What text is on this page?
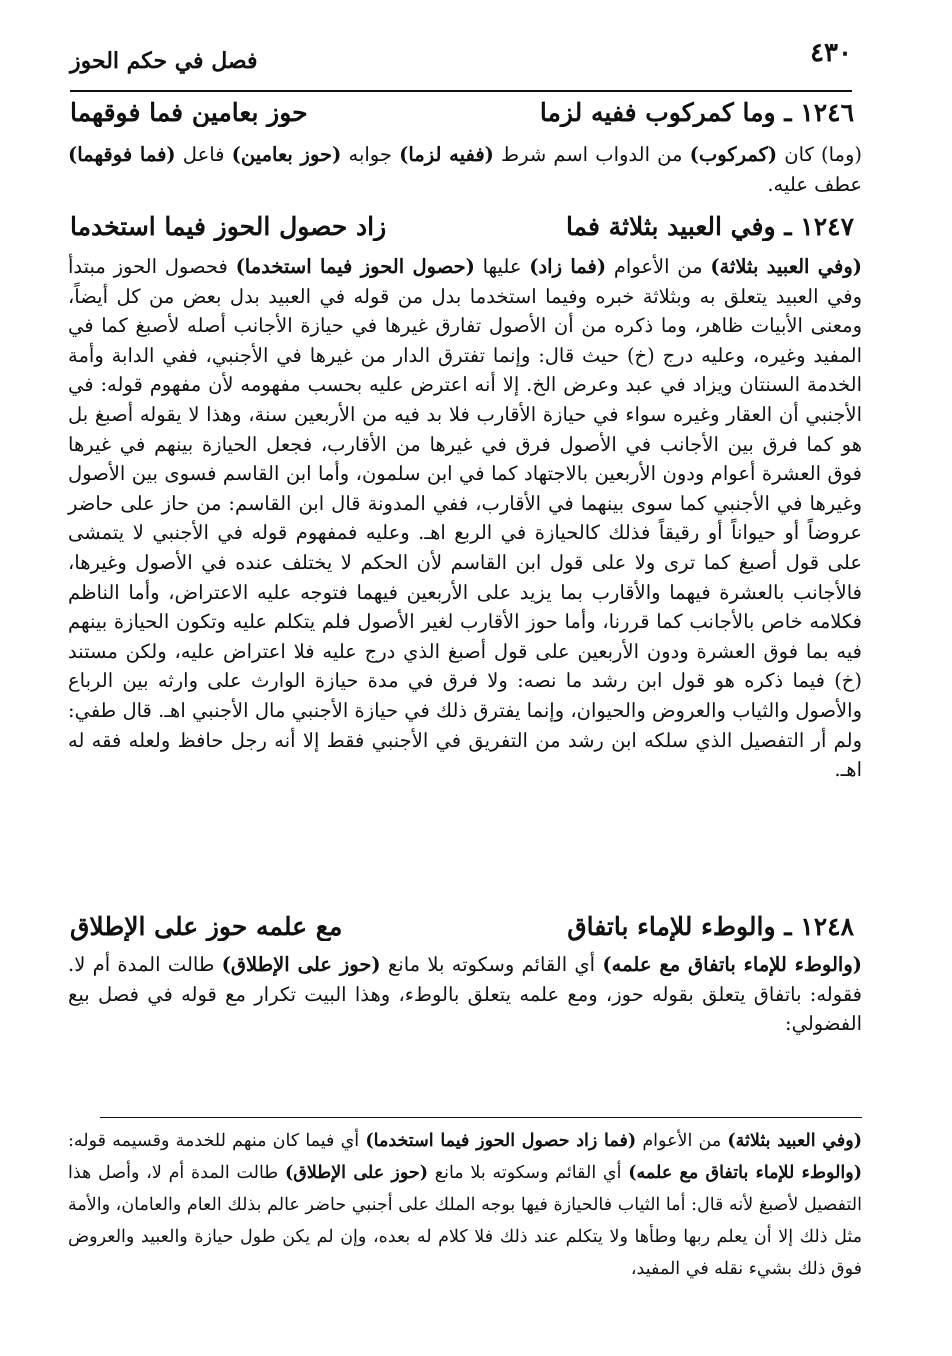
٤٣٠
فصل في حكم الحوز
١٢٤٦ ـ وما كمركوب ففيه لزما
حوز بعامين فما فوقهما

(وما) كان (كمركوب) من الدواب اسم شرط (ففيه لزما) جوابه (حوز بعامين) فاعل (فما فوقهما) عطف عليه.

١٢٤٧ ـ وفي العبيد بثلاثة فما
زاد حصول الحوز فيما استخدما

(وفي العبيد بثلاثة) من الأعوام (فما زاد) عليها (حصول الحوز فيما استخدما) فحصول الحوز مبتدأ وفي العبيد يتعلق به وبثلاثة خبره وفيما استخدما بدل من قوله في العبيد بدل بعض من كل أيضاً، ومعنى الأبيات ظاهر، وما ذكره من أن الأصول تفارق غيرها في حيازة الأجانب أصله لأصبغ كما في المفيد وغيره، وعليه درج (خ) حيث قال: وإنما تفترق الدار من غيرها في الأجنبي، ففي الدابة وأمة الخدمة السنتان ويزاد في عبد وعرض الخ. إلا أنه اعترض عليه بحسب مفهومه لأن مفهوم قوله: في الأجنبي أن العقار وغيره سواء في حيازة الأقارب فلا بد فيه من الأربعين سنة، وهذا لا يقوله أصبغ بل هو كما فرق بين الأجانب في الأصول فرق في غيرها من الأقارب، فجعل الحيازة بينهم في غيرها فوق العشرة أعوام ودون الأربعين بالاجتهاد كما في ابن سلمون، وأما ابن القاسم فسوى بين الأصول وغيرها في الأجنبي كما سوى بينهما في الأقارب، ففي المدونة قال ابن القاسم: من حاز على حاضر عروضاً أو حيواناً أو رقيقاً فذلك كالحيازة في الربع اهـ. وعليه فمفهوم قوله في الأجنبي لا يتمشى على قول أصبغ كما ترى ولا على قول ابن القاسم لأن الحكم لا يختلف عنده في الأصول وغيرها، فالأجانب بالعشرة فيهما والأقارب بما يزيد على الأربعين فيهما فتوجه عليه الاعتراض، وأما الناظم فكلامه خاص بالأجانب كما قررنا، وأما حوز الأقارب لغير الأصول فلم يتكلم عليه وتكون الحيازة بينهم فيه بما فوق العشرة ودون الأربعين على قول أصبغ الذي درج عليه فلا اعتراض عليه، ولكن مستند (خ) فيما ذكره هو قول ابن رشد ما نصه: ولا فرق في مدة حيازة الوارث على وارثه بين الرباع والأصول والثياب والعروض والحيوان، وإنما يفترق ذلك في حيازة الأجنبي مال الأجنبي اهـ. قال طفي: ولم أر التفصيل الذي سلكه ابن رشد من التفريق في الأجنبي فقط إلا أنه رجل حافظ ولعله فقه له اهـ.

١٢٤٨ ـ والوطء للإماء باتفاق
مع علمه حوز على الإطلاق

(والوطء للإماء باتفاق مع علمه) أي القائم وسكوته بلا مانع (حوز على الإطلاق) طالت المدة أم لا. فقوله: باتفاق يتعلق بقوله حوز، ومع علمه يتعلق بالوطء، وهذا البيت تكرار مع قوله في فصل بيع الفضولي:

(وفي العبيد بثلاثة) من الأعوام (فما زاد حصول الحوز فيما استخدما) أي فيما كان منهم للخدمة وقسيمه قوله: (والوطء للإماء باتفاق مع علمه) أي القائم وسكوته بلا مانع (حوز على الإطلاق) طالت المدة أم لا، وأصل هذا التفصيل لأصبغ لأنه قال: أما الثياب فالحيازة فيها بوجه الملك على أجنبي حاضر عالم بذلك العام والعامان، والأمة مثل ذلك إلا أن يعلم ربها وطأها ولا يتكلم عند ذلك فلا كلام له بعده، وإن لم يكن طول حيازة والعبيد والعروض فوق ذلك بشيء نقله في المفيد،
